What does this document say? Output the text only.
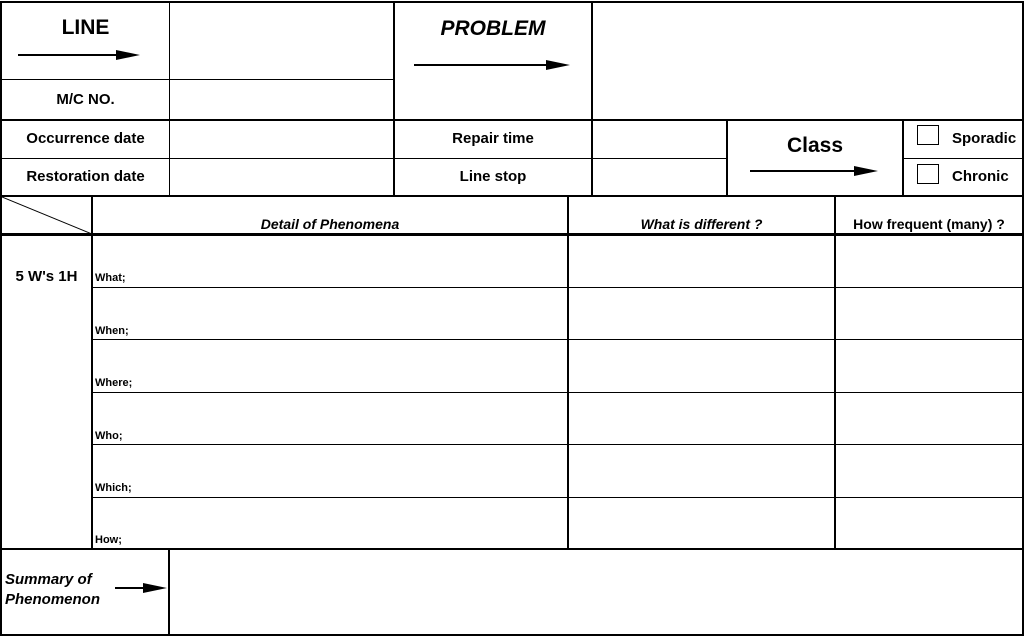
LINE
M/C NO.
PROBLEM
Occurrence date
Restoration date
Repair time
Line stop
Class	Sporadic
Chronic
Detail of Phenomena	What is different ?	How frequent (many) ?
5 W's 1H	What;
When;
Where;
Who;
Which;
How;
Summary of
Phenomenon
